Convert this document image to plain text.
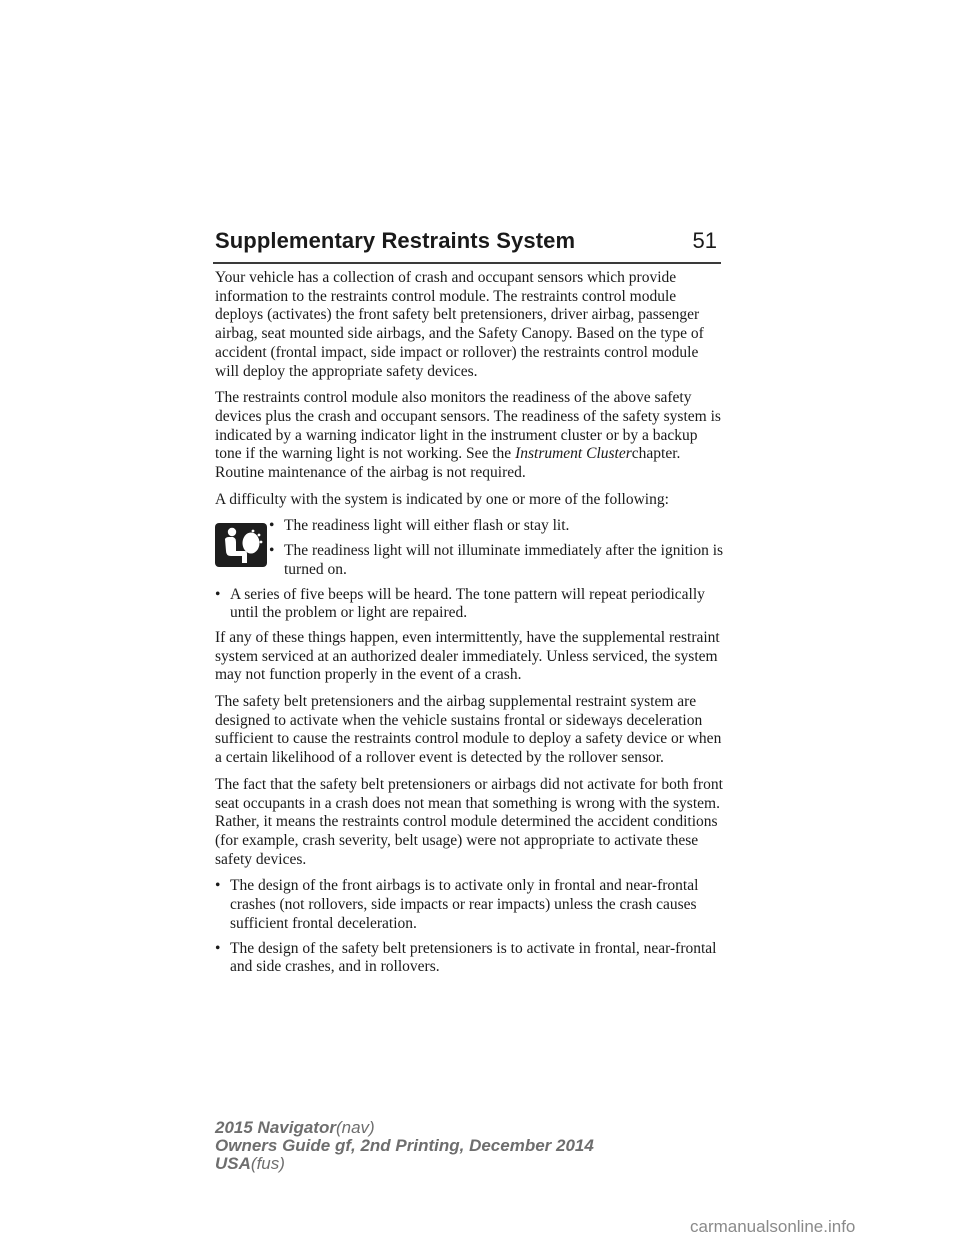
Supplementary Restraints System	51

Your vehicle has a collection of crash and occupant sensors which provide information to the restraints control module. The restraints control module deploys (activates) the front safety belt pretensioners, driver airbag, passenger airbag, seat mounted side airbags, and the Safety Canopy. Based on the type of accident (frontal impact, side impact or rollover) the restraints control module will deploy the appropriate safety devices.

The restraints control module also monitors the readiness of the above safety devices plus the crash and occupant sensors. The readiness of the safety system is indicated by a warning indicator light in the instrument cluster or by a backup tone if the warning light is not working. See the Instrument Clusterchapter. Routine maintenance of the airbag is not required.

A difficulty with the system is indicated by one or more of the following:

• The readiness light will either flash or stay lit.
• The readiness light will not illuminate immediately after the ignition is turned on.
• A series of five beeps will be heard. The tone pattern will repeat periodically until the problem or light are repaired.

If any of these things happen, even intermittently, have the supplemental restraint system serviced at an authorized dealer immediately. Unless serviced, the system may not function properly in the event of a crash.

The safety belt pretensioners and the airbag supplemental restraint system are designed to activate when the vehicle sustains frontal or sideways deceleration sufficient to cause the restraints control module to deploy a safety device or when a certain likelihood of a rollover event is detected by the rollover sensor.

The fact that the safety belt pretensioners or airbags did not activate for both front seat occupants in a crash does not mean that something is wrong with the system. Rather, it means the restraints control module determined the accident conditions (for example, crash severity, belt usage) were not appropriate to activate these safety devices.

• The design of the front airbags is to activate only in frontal and near-frontal crashes (not rollovers, side impacts or rear impacts) unless the crash causes sufficient frontal deceleration.
• The design of the safety belt pretensioners is to activate in frontal, near-frontal and side crashes, and in rollovers.
2015 Navigator(nav)
Owners Guide gf, 2nd Printing, December 2014
USA(fus)
carmanualsonline.info
